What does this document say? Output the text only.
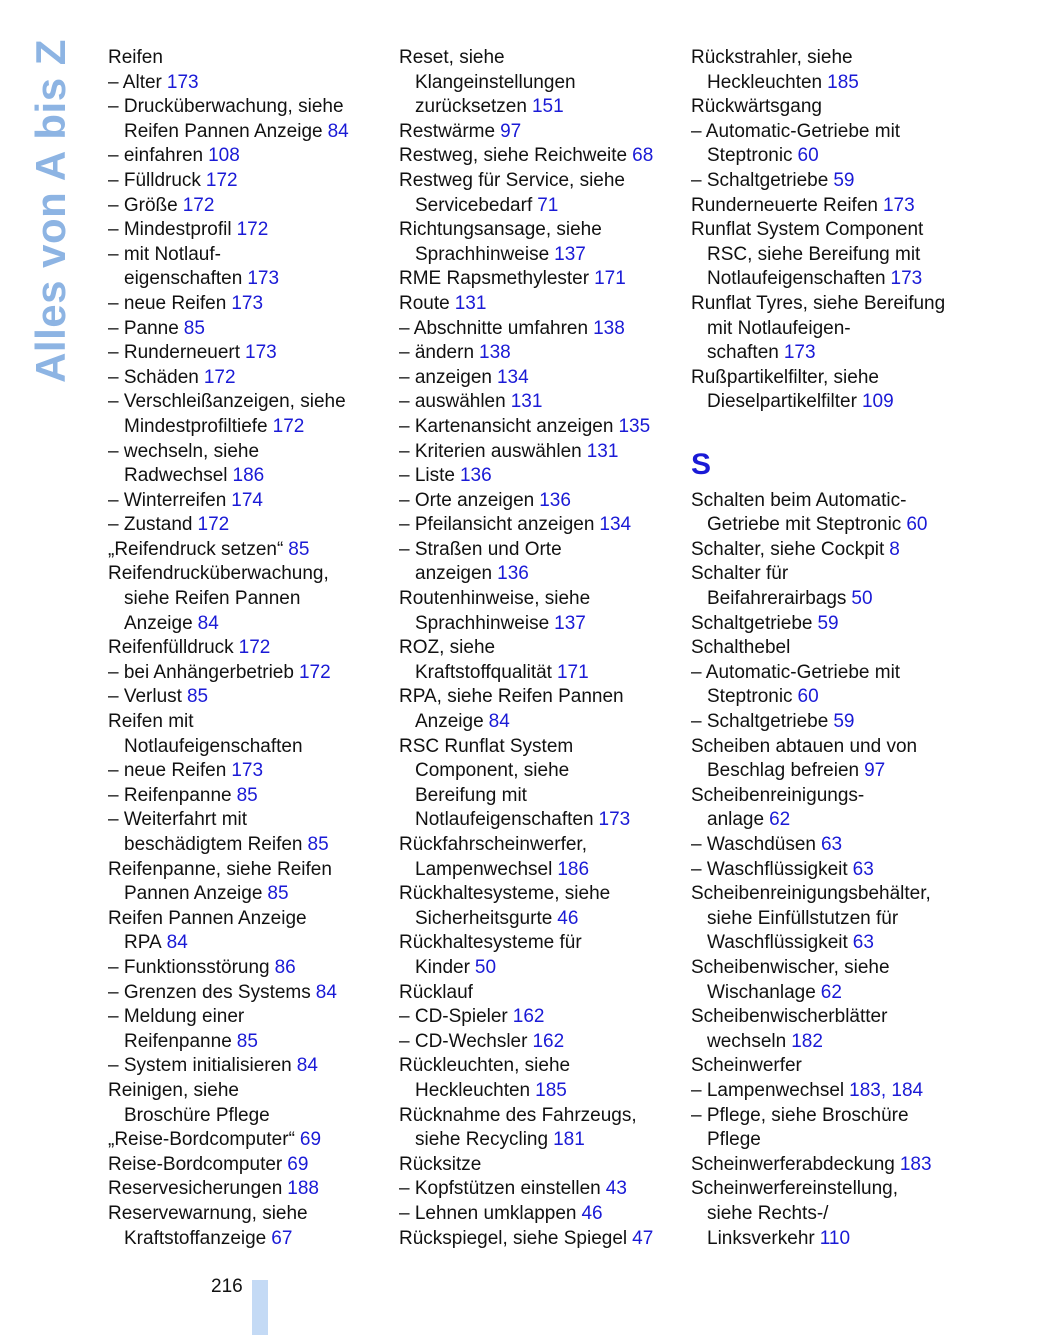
Alles von A bis Z Reifen
– Alter 173
– Drucküberwachung, siehe
Reifen Pannen Anzeige 84
– einfahren 108
– Fülldruck 172
– Größe 172
– Mindestprofil 172
– mit Notlauf-
eigenschaften 173
– neue Reifen 173
– Panne 85
– Runderneuert 173
– Schäden 172
– Verschleißanzeigen, siehe
Mindestprofiltiefe 172
– wechseln, siehe
Radwechsel 186
– Winterreifen 174
– Zustand 172
„Reifendruck setzen“ 85
Reifendrucküberwachung,
siehe Reifen Pannen
Anzeige 84
Reifenfülldruck 172
– bei Anhängerbetrieb 172
– Verlust 85
Reifen mit
Notlaufeigenschaften
– neue Reifen 173
– Reifenpanne 85
– Weiterfahrt mit
beschädigtem Reifen 85
Reifenpanne, siehe Reifen
Pannen Anzeige 85
Reifen Pannen Anzeige
RPA 84
– Funktionsstörung 86
– Grenzen des Systems 84
– Meldung einer
Reifenpanne 85
– System initialisieren 84
Reinigen, siehe
Broschüre Pflege
„Reise-Bordcomputer“ 69
Reise-Bordcomputer 69
Reservesicherungen 188
Reservewarnung, siehe
Kraftstoffanzeige 67
Reset, siehe
Klangeinstellungen
zurücksetzen 151
Restwärme 97
Restweg, siehe Reichweite 68
Restweg für Service, siehe
Servicebedarf 71
Richtungsansage, siehe
Sprachhinweise 137
RME Rapsmethylester 171
Route 131
– Abschnitte umfahren 138
– ändern 138
– anzeigen 134
– auswählen 131
– Kartenansicht anzeigen 135
– Kriterien auswählen 131
– Liste 136
– Orte anzeigen 136
– Pfeilansicht anzeigen 134
– Straßen und Orte
anzeigen 136
Routenhinweise, siehe
Sprachhinweise 137
ROZ, siehe
Kraftstoffqualität 171
RPA, siehe Reifen Pannen
Anzeige 84
RSC Runflat System
Component, siehe
Bereifung mit
Notlaufeigenschaften 173
Rückfahrscheinwerfer,
Lampenwechsel 186
Rückhaltesysteme, siehe
Sicherheitsgurte 46
Rückhaltesysteme für
Kinder 50
Rücklauf
– CD-Spieler 162
– CD-Wechsler 162
Rückleuchten, siehe
Heckleuchten 185
Rücknahme des Fahrzeugs,
siehe Recycling 181
Rücksitze
– Kopfstützen einstellen 43
– Lehnen umklappen 46
Rückspiegel, siehe Spiegel 47
Rückstrahler, siehe
Heckleuchten 185
Rückwärtsgang
– Automatic-Getriebe mit
Steptronic 60
– Schaltgetriebe 59
Runderneuerte Reifen 173
Runflat System Component
RSC, siehe Bereifung mit
Notlaufeigenschaften 173
Runflat Tyres, siehe Bereifung
mit Notlaufeigen-
schaften 173
Rußpartikelfilter, siehe
Dieselpartikelfilter 109
S
Schalten beim Automatic-
Getriebe mit Steptronic 60
Schalter, siehe Cockpit 8
Schalter für
Beifahrerairbags 50
Schaltgetriebe 59
Schalthebel
– Automatic-Getriebe mit
Steptronic 60
– Schaltgetriebe 59
Scheiben abtauen und von
Beschlag befreien 97
Scheibenreinigungs-
anlage 62
– Waschdüsen 63
– Waschflüssigkeit 63
Scheibenreinigungsbehälter,
siehe Einfüllstutzen für
Waschflüssigkeit 63
Scheibenwischer, siehe
Wischanlage 62
Scheibenwischerblätter
wechseln 182
Scheinwerfer
– Lampenwechsel 183, 184
– Pflege, siehe Broschüre
Pflege
Scheinwerferabdeckung 183
Scheinwerfereinstellung,
siehe Rechts-/
Linksverkehr 110
216
